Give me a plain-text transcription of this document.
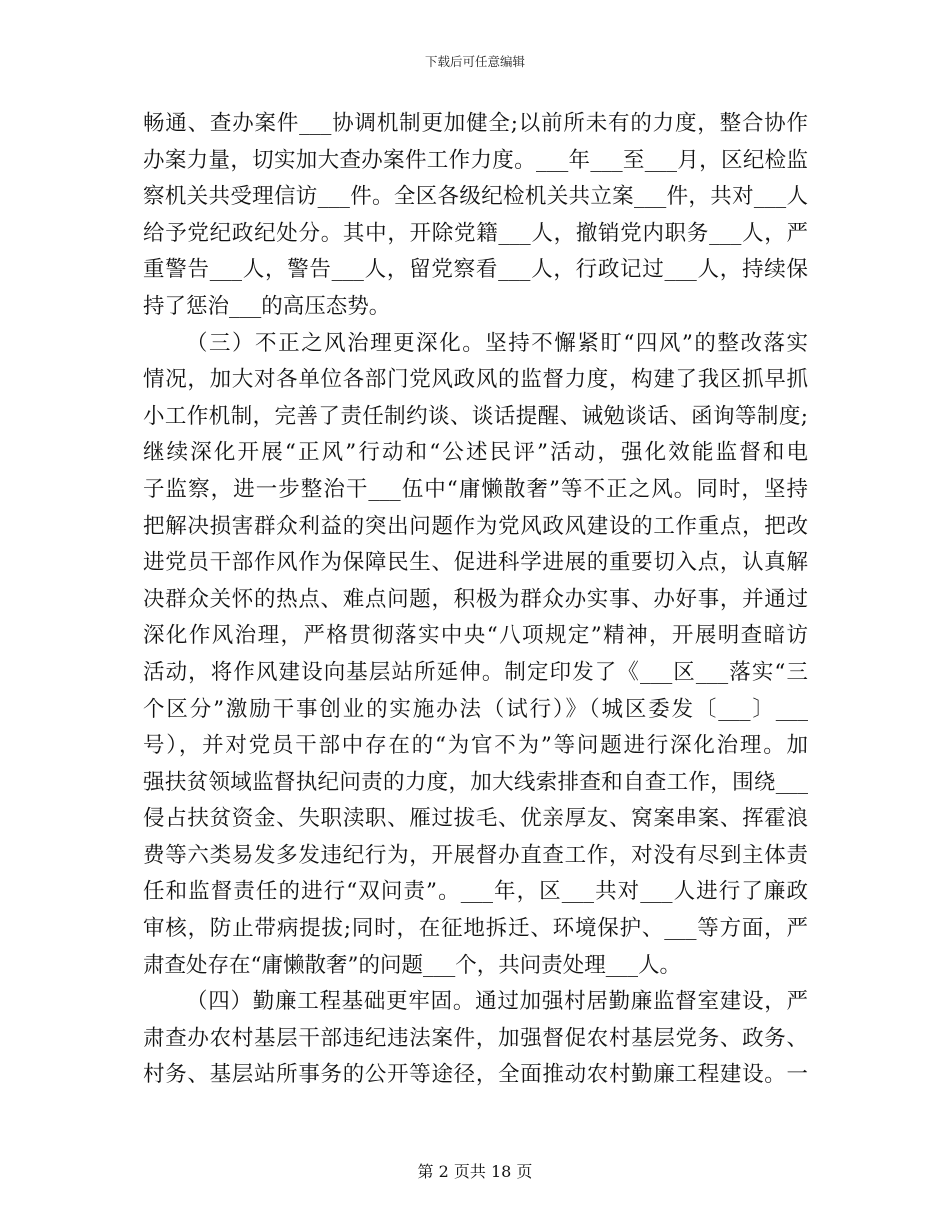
下载后可任意编辑
畅通、查办案件___协调机制更加健全;以前所未有的力度，整合协作
办案力量，切实加大查办案件工作力度。___年___至___月，区纪检监
察机关共受理信访___件。全区各级纪检机关共立案___件，共对___人
给予党纪政纪处分。其中，开除党籍___人，撤销党内职务___人，严
重警告___人，警告___人，留党察看___人，行政记过___人，持续保
持了惩治___的高压态势。
（三）不正之风治理更深化。坚持不懈紧盯“四风”的整改落实
情况，加大对各单位各部门党风政风的监督力度，构建了我区抓早抓
小工作机制，完善了责任制约谈、谈话提醒、诫勉谈话、函询等制度;
继续深化开展“正风”行动和“公述民评”活动，强化效能监督和电
子监察，进一步整治干___伍中“庸懒散奢”等不正之风。同时，坚持
把解决损害群众利益的突出问题作为党风政风建设的工作重点，把改
进党员干部作风作为保障民生、促进科学进展的重要切入点，认真解
决群众关怀的热点、难点问题，积极为群众办实事、办好事，并通过
深化作风治理，严格贯彻落实中央“八项规定”精神，开展明查暗访
活动，将作风建设向基层站所延伸。制定印发了《___区___落实“三
个区分”激励干事创业的实施办法（试行）》（城区委发〔___〕___
号），并对党员干部中存在的“为官不为”等问题进行深化治理。加
强扶贫领域监督执纪问责的力度，加大线索排查和自查工作，围绕___
侵占扶贫资金、失职渎职、雁过拔毛、优亲厚友、窝案串案、挥霍浪
费等六类易发多发违纪行为，开展督办直查工作，对没有尽到主体责
任和监督责任的进行“双问责”。___年，区___共对___人进行了廉政
审核，防止带病提拔;同时，在征地拆迁、环境保护、___等方面，严
肃查处存在“庸懒散奢”的问题___个，共问责处理___人。
（四）勤廉工程基础更牢固。通过加强村居勤廉监督室建设，严
肃查办农村基层干部违纪违法案件，加强督促农村基层党务、政务、
村务、基层站所事务的公开等途径，全面推动农村勤廉工程建设。一
第 2 页共 18 页
